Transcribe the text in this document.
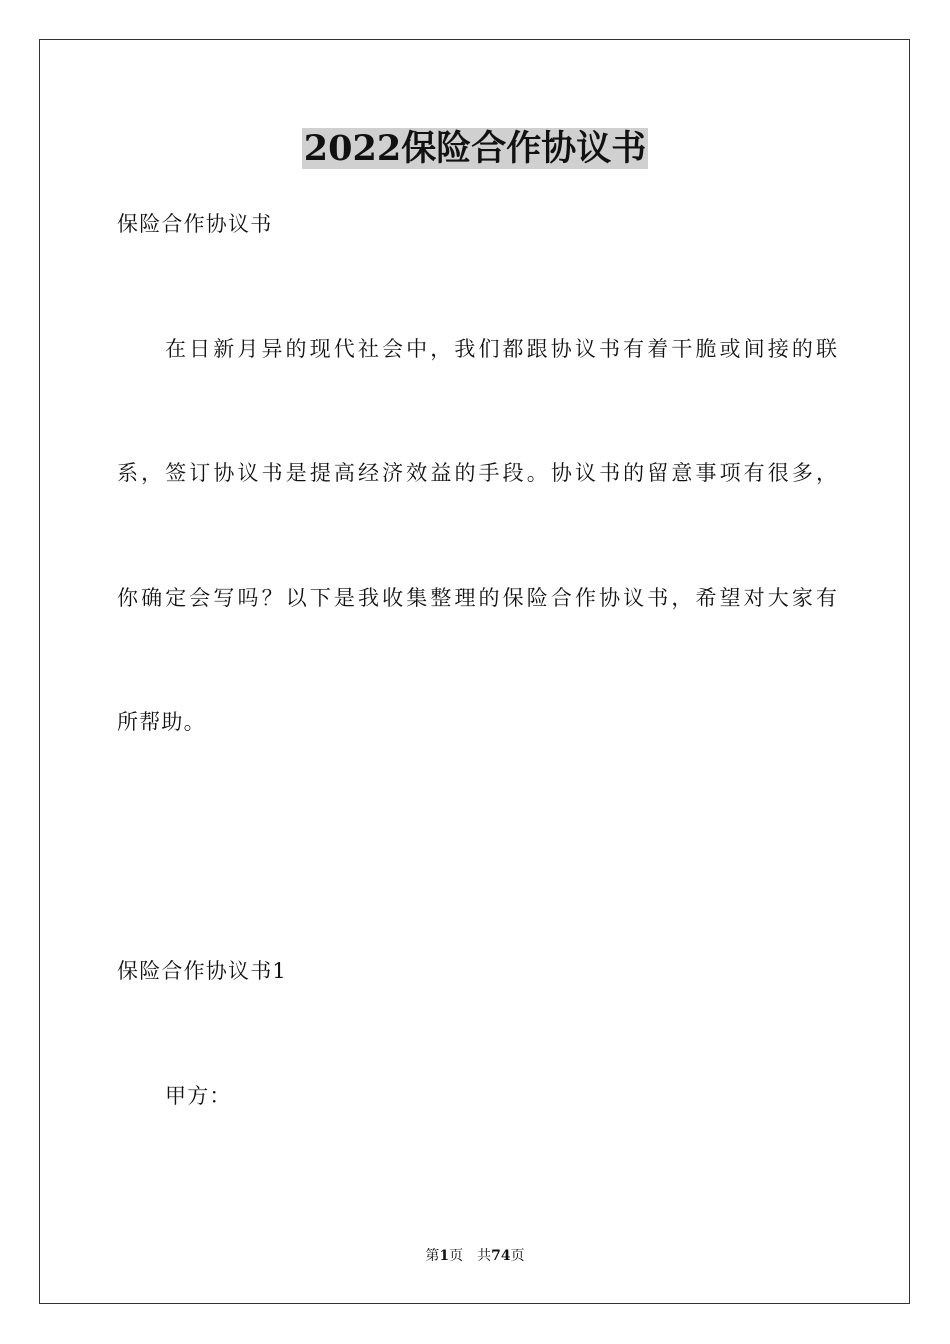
2022保险合作协议书

保险合作协议书

在日新月异的现代社会中，我们都跟协议书有着干脆或间接的联

系，签订协议书是提高经济效益的手段。协议书的留意事项有很多，

你确定会写吗？以下是我收集整理的保险合作协议书，希望对大家有

所帮助。

保险合作协议书1

甲方：

第1页 共74页
